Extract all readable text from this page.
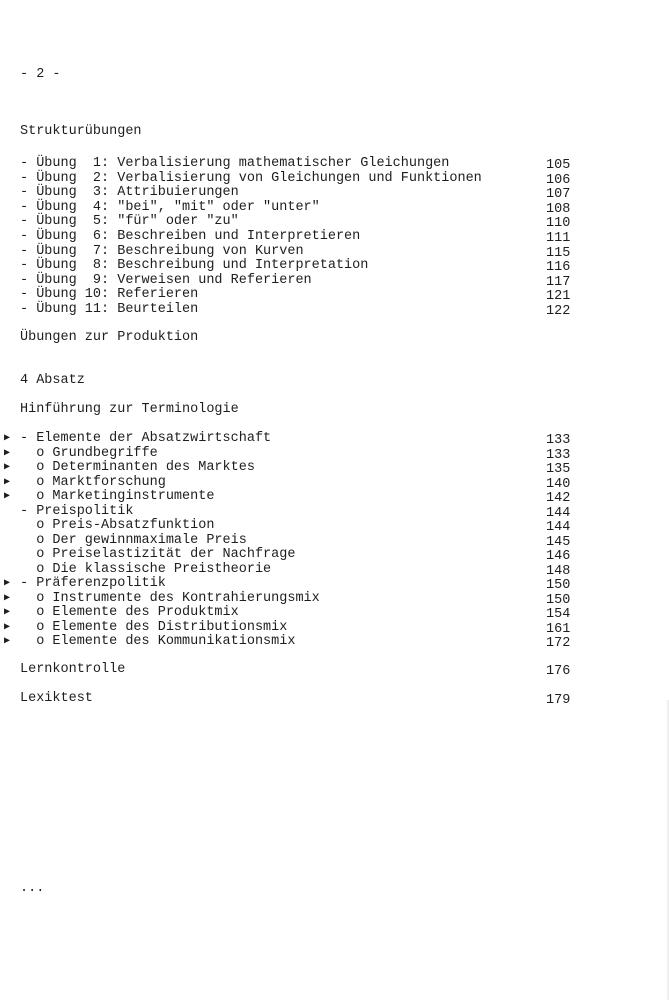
- 2 -
Strukturübungen
- Übung  1: Verbalisierung mathematischer Gleichungen	105
- Übung  2: Verbalisierung von Gleichungen und Funktionen	106
- Übung  3: Attribuierungen	107
- Übung  4: "bei", "mit" oder "unter"	108
- Übung  5: "für" oder "zu"	110
- Übung  6: Beschreiben und Interpretieren	111
- Übung  7: Beschreibung von Kurven	115
- Übung  8: Beschreibung und Interpretation	116
- Übung  9: Verweisen und Referieren	117
- Übung 10: Referieren	121
- Übung 11: Beurteilen	122
Übungen zur Produktion
4 Absatz
Hinführung zur Terminologie
▶ - Elemente der Absatzwirtschaft	133
▶ o Grundbegriffe	133
▶ o Determinanten des Marktes	135
▶ o Marktforschung	140
▶ o Marketinginstrumente	142
- Preispolitik	144
o Preis-Absatzfunktion	144
o Der gewinnmaximale Preis	145
o Preiselastizität der Nachfrage	146
o Die klassische Preistheorie	148
▶ - Präferenzpolitik	150
▶ o Instrumente des Kontrahierungsmix	150
▶ o Elemente des Produktmix	154
▶ o Elemente des Distributionsmix	161
▶ o Elemente des Kommunikationsmix	172
Lernkontrolle	176
Lexiktest	179
...
